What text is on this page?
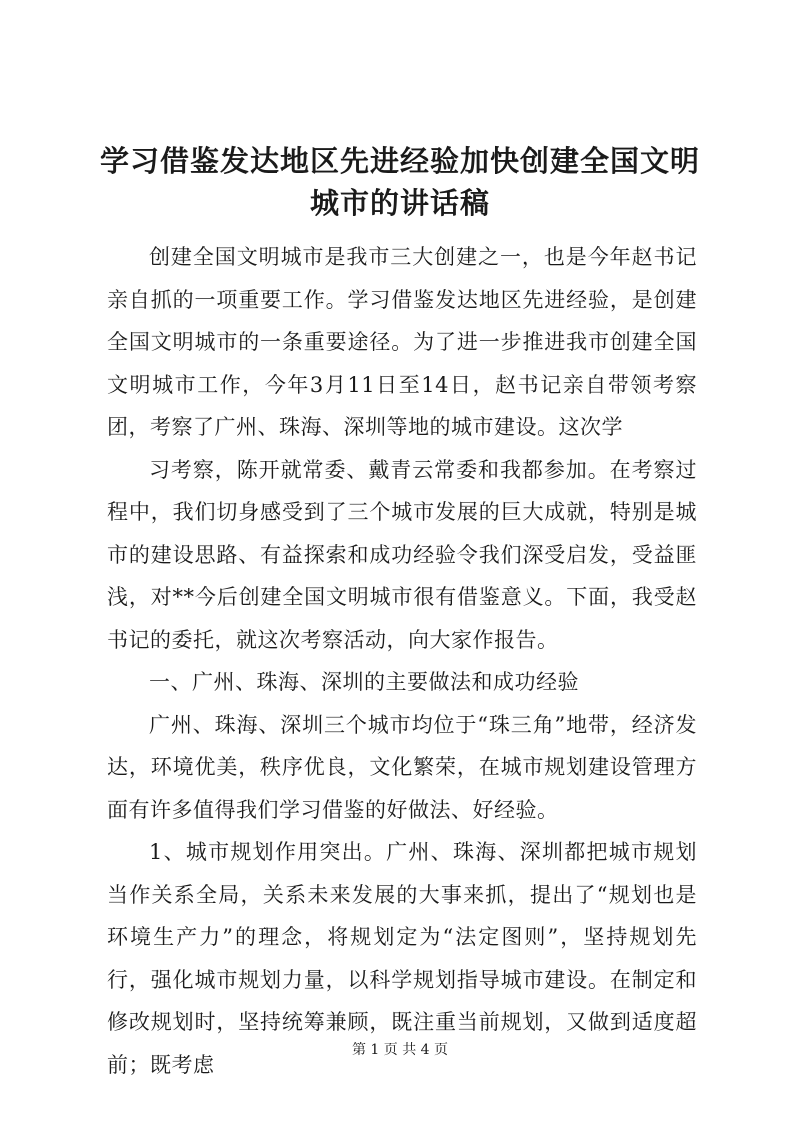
学习借鉴发达地区先进经验加快创建全国文明
城市的讲话稿

创建全国文明城市是我市三大创建之一，也是今年赵书记亲自抓的一项重要工作。学习借鉴发达地区先进经验，是创建全国文明城市的一条重要途径。为了进一步推进我市创建全国文明城市工作，今年3月11日至14日，赵书记亲自带领考察团，考察了广州、珠海、深圳等地的城市建设。这次学

习考察，陈开就常委、戴青云常委和我都参加。在考察过程中，我们切身感受到了三个城市发展的巨大成就，特别是城市的建设思路、有益探索和成功经验令我们深受启发，受益匪浅，对**今后创建全国文明城市很有借鉴意义。下面，我受赵书记的委托，就这次考察活动，向大家作报告。

一、广州、珠海、深圳的主要做法和成功经验

广州、珠海、深圳三个城市均位于“珠三角”地带，经济发达，环境优美，秩序优良，文化繁荣，在城市规划建设管理方面有许多值得我们学习借鉴的好做法、好经验。

1、城市规划作用突出。广州、珠海、深圳都把城市规划当作关系全局，关系未来发展的大事来抓，提出了“规划也是环境生产力”的理念，将规划定为“法定图则”，坚持规划先行，强化城市规划力量，以科学规划指导城市建设。在制定和修改规划时，坚持统筹兼顾，既注重当前规划，又做到适度超前；既考虑

第 1 页 共 4 页
